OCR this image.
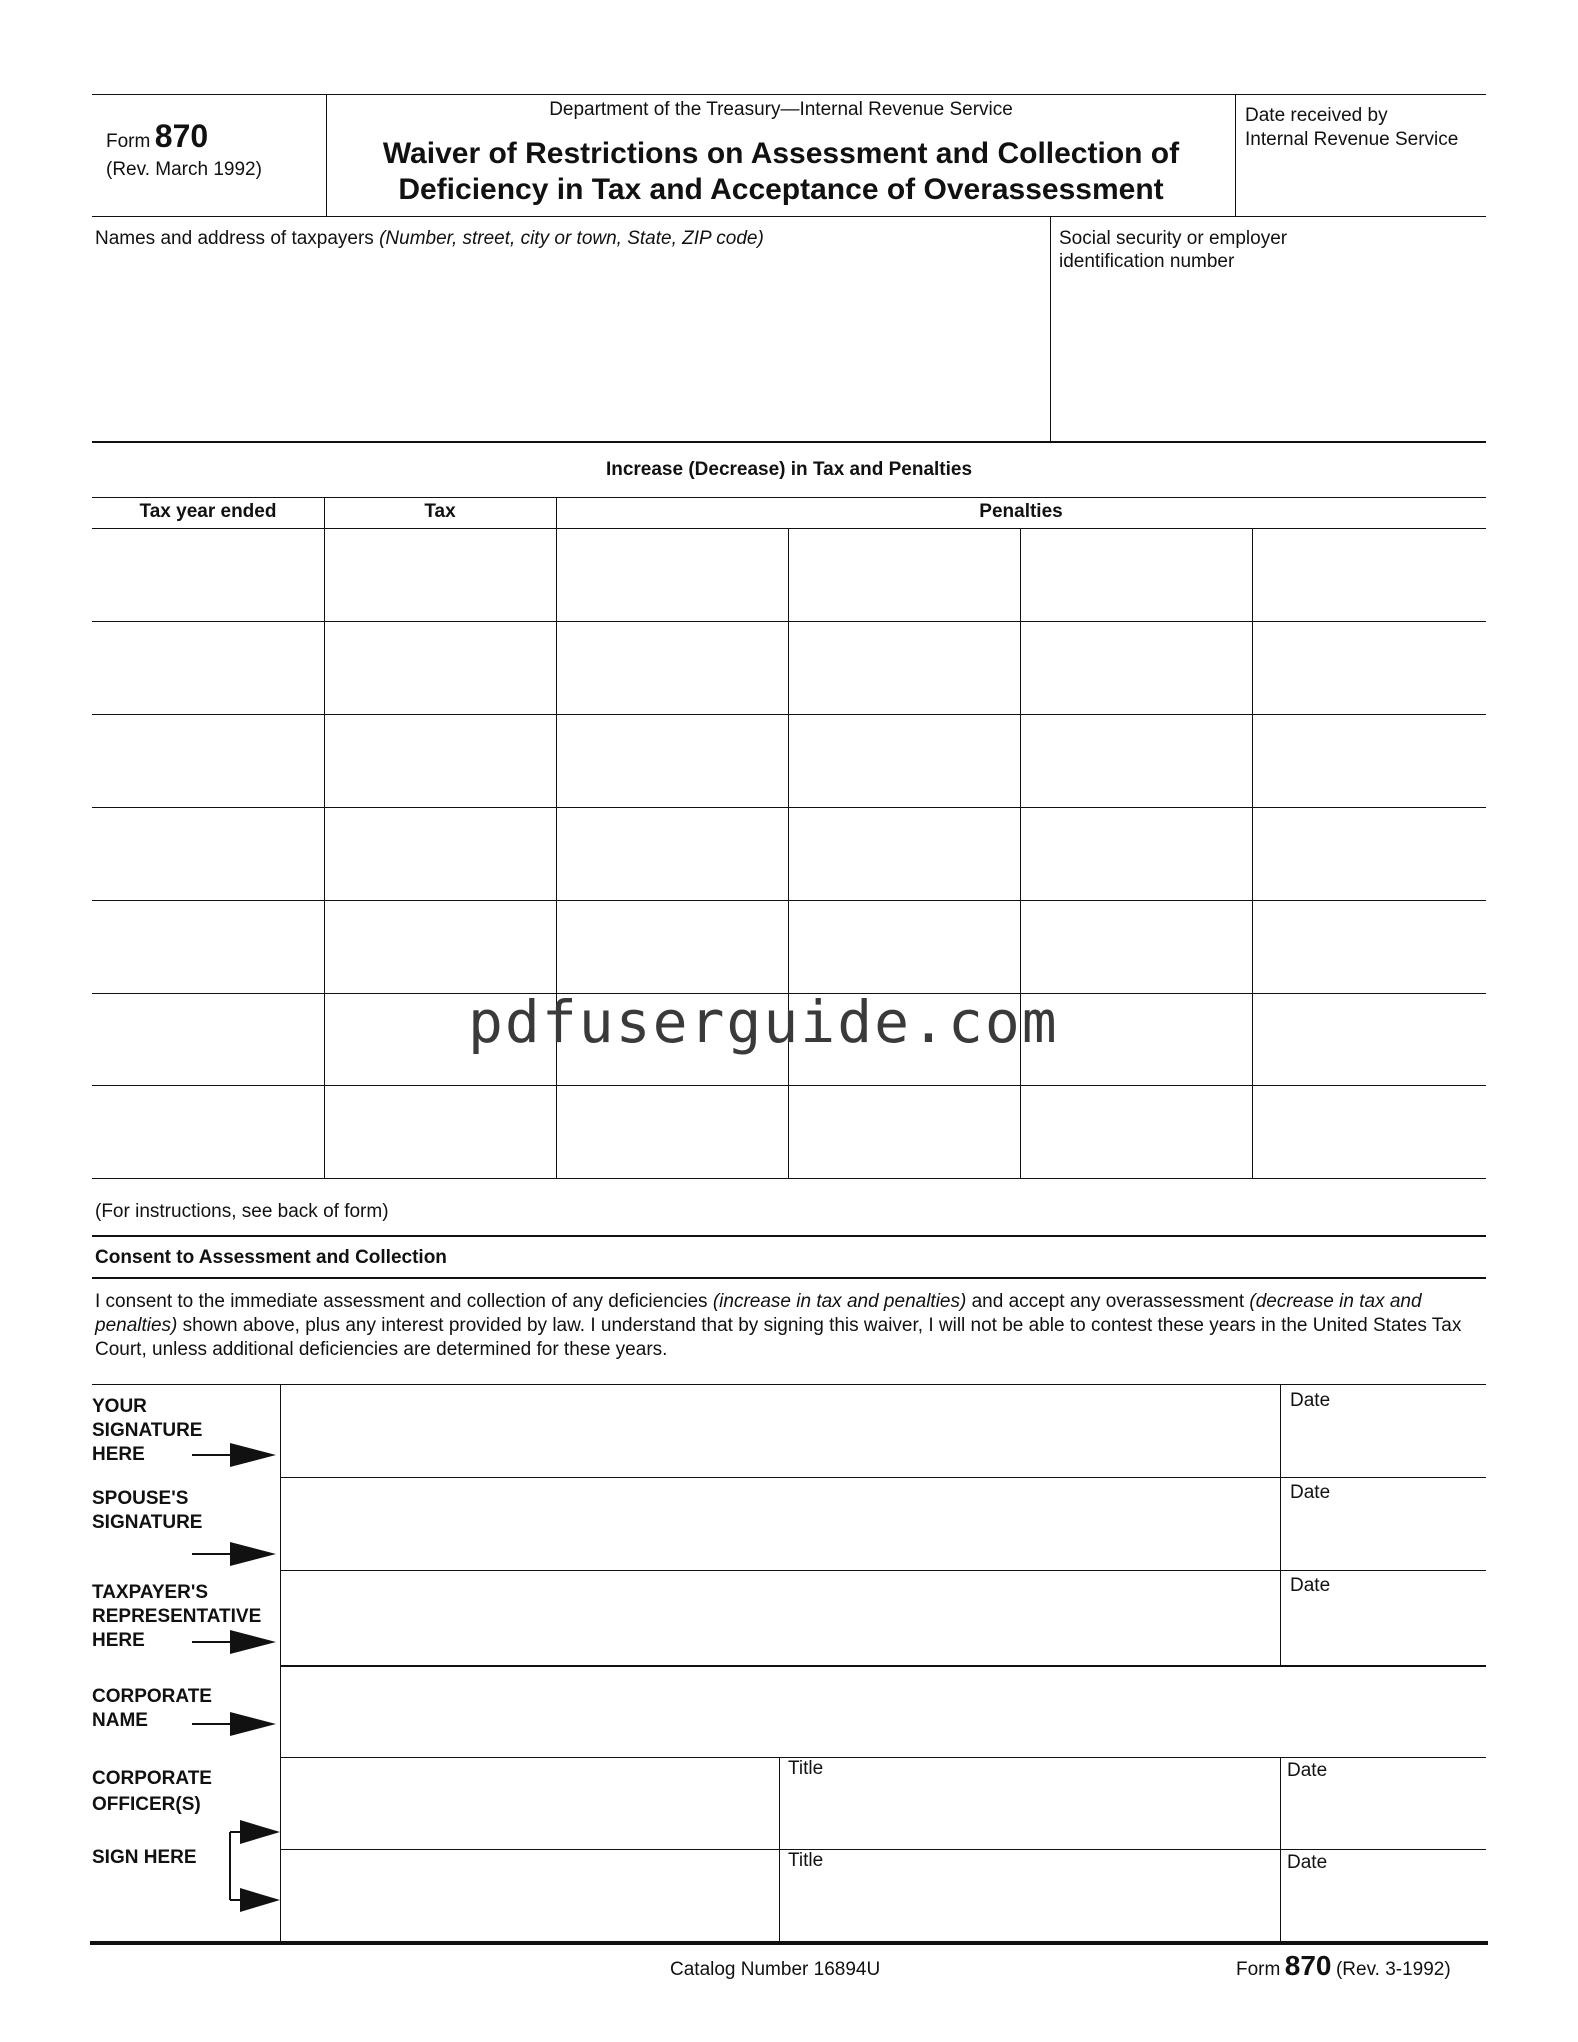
Form 870
(Rev. March 1992)
Department of the Treasury—Internal Revenue Service
Waiver of Restrictions on Assessment and Collection of
Deficiency in Tax and Acceptance of Overassessment
Date received by
Internal Revenue Service
Names and address of taxpayers (Number, street, city or town, State, ZIP code)	Social security or employer
identification number
Increase (Decrease) in Tax and Penalties
Tax year ended	Tax	Penalties
pdfuserguide.com
(For instructions, see back of form)
Consent to Assessment and Collection
I consent to the immediate assessment and collection of any deficiencies (increase in tax and penalties) and accept any overassessment (decrease in tax and penalties) shown above, plus any interest provided by law. I understand that by signing this waiver, I will not be able to contest these years in the United States Tax Court, unless additional deficiencies are determined for these years.
YOUR
SIGNATURE
HERE
Date
SPOUSE'S
SIGNATURE
Date
TAXPAYER'S
REPRESENTATIVE
HERE
Date
CORPORATE
NAME
CORPORATE
OFFICER(S)
SIGN HERE
Title	Date
Title	Date
Catalog Number 16894U	Form 870 (Rev. 3-1992)
